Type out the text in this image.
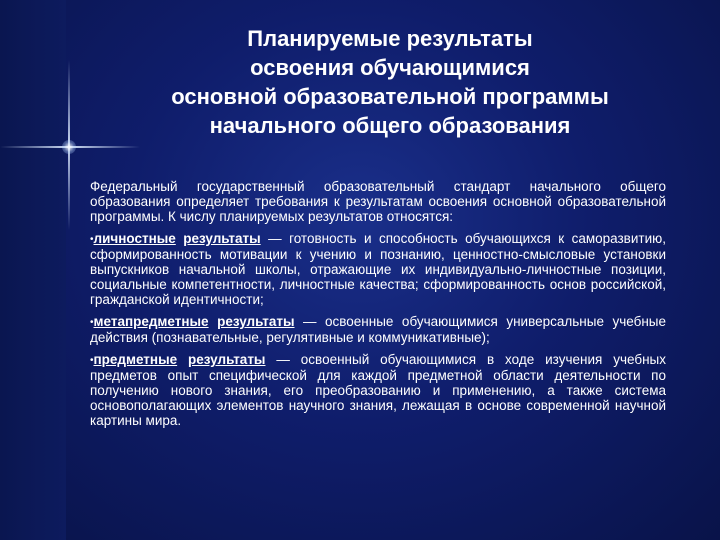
Планируемые результаты
освоения обучающимися
основной образовательной программы
начального общего образования

Федеральный государственный образовательный стандарт начального общего образования определяет требования к результатам освоения основной образовательной программы. К числу планируемых результатов относятся:

•личностные результаты — готовность и способность обучающихся к саморазвитию, сформированность мотивации к учению и познанию, ценностно-смысловые установки выпускников начальной школы, отражающие их индивидуально-личностные позиции, социальные компетентности, личностные качества; сформированность основ российской, гражданской идентичности;

•метапредметные результаты — освоенные обучающимися универсальные учебные действия (познавательные, регулятивные и коммуникативные);

•предметные результаты — освоенный обучающимися в ходе изучения учебных предметов опыт специфической для каждой предметной области деятельности по получению нового знания, его преобразованию и применению, а также система основополагающих элементов научного знания, лежащая в основе современной научной картины мира.
